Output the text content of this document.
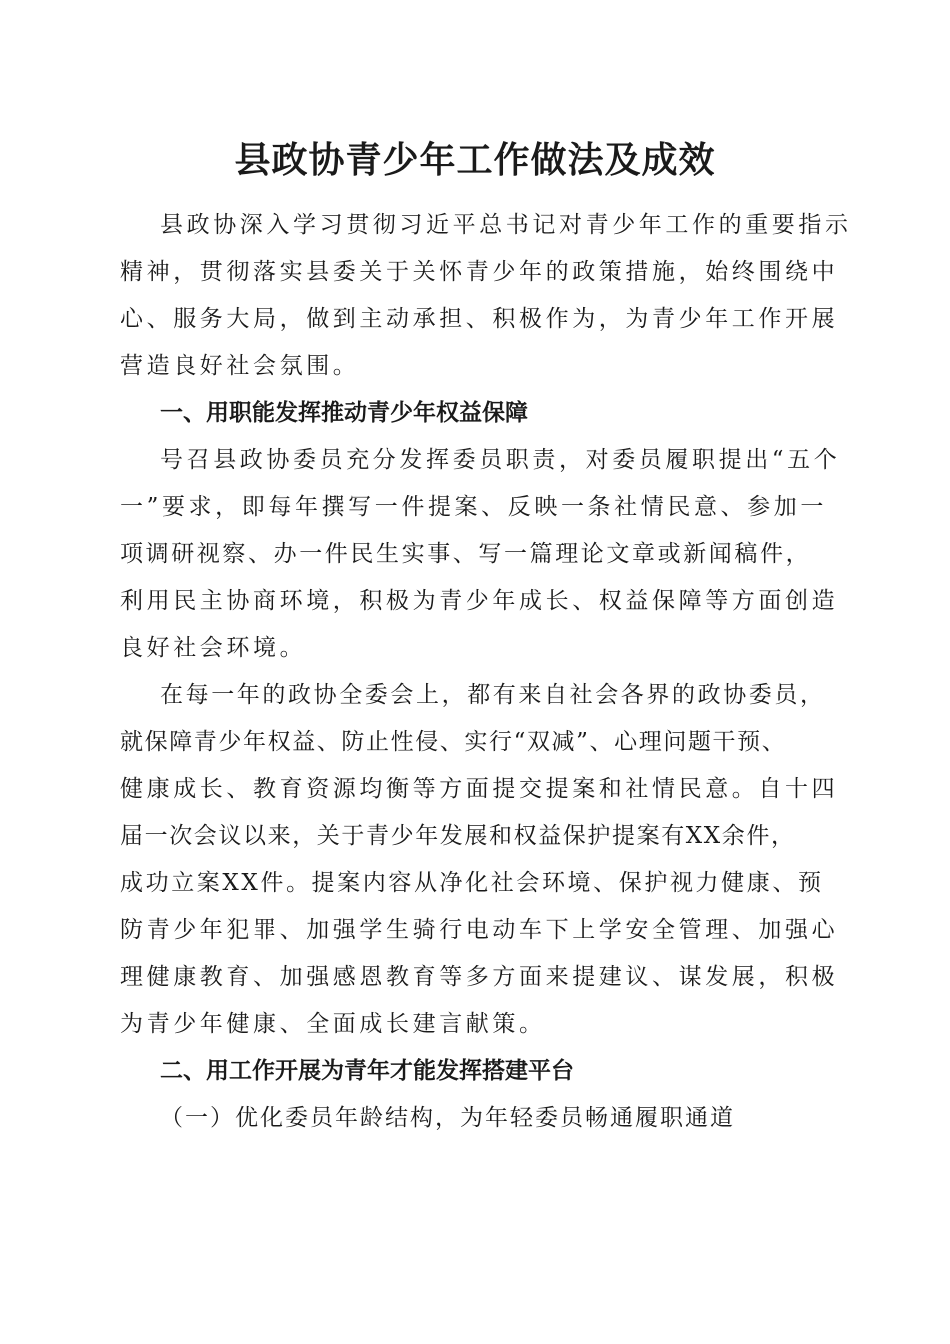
县政协青少年工作做法及成效
县政协深入学习贯彻习近平总书记对青少年工作的重要指示
精神，贯彻落实县委关于关怀青少年的政策措施，始终围绕中
心、服务大局，做到主动承担、积极作为，为青少年工作开展
营造良好社会氛围。
一、用职能发挥推动青少年权益保障
号召县政协委员充分发挥委员职责，对委员履职提出“五个
一”要求，即每年撰写一件提案、反映一条社情民意、参加一
项调研视察、办一件民生实事、写一篇理论文章或新闻稿件，
利用民主协商环境，积极为青少年成长、权益保障等方面创造
良好社会环境。
在每一年的政协全委会上，都有来自社会各界的政协委员，
就保障青少年权益、防止性侵、实行“双减”、心理问题干预、
健康成长、教育资源均衡等方面提交提案和社情民意。自十四
届一次会议以来，关于青少年发展和权益保护提案有XX余件，
成功立案XX件。提案内容从净化社会环境、保护视力健康、预
防青少年犯罪、加强学生骑行电动车下上学安全管理、加强心
理健康教育、加强感恩教育等多方面来提建议、谋发展，积极
为青少年健康、全面成长建言献策。
二、用工作开展为青年才能发挥搭建平台
（一）优化委员年龄结构，为年轻委员畅通履职通道
